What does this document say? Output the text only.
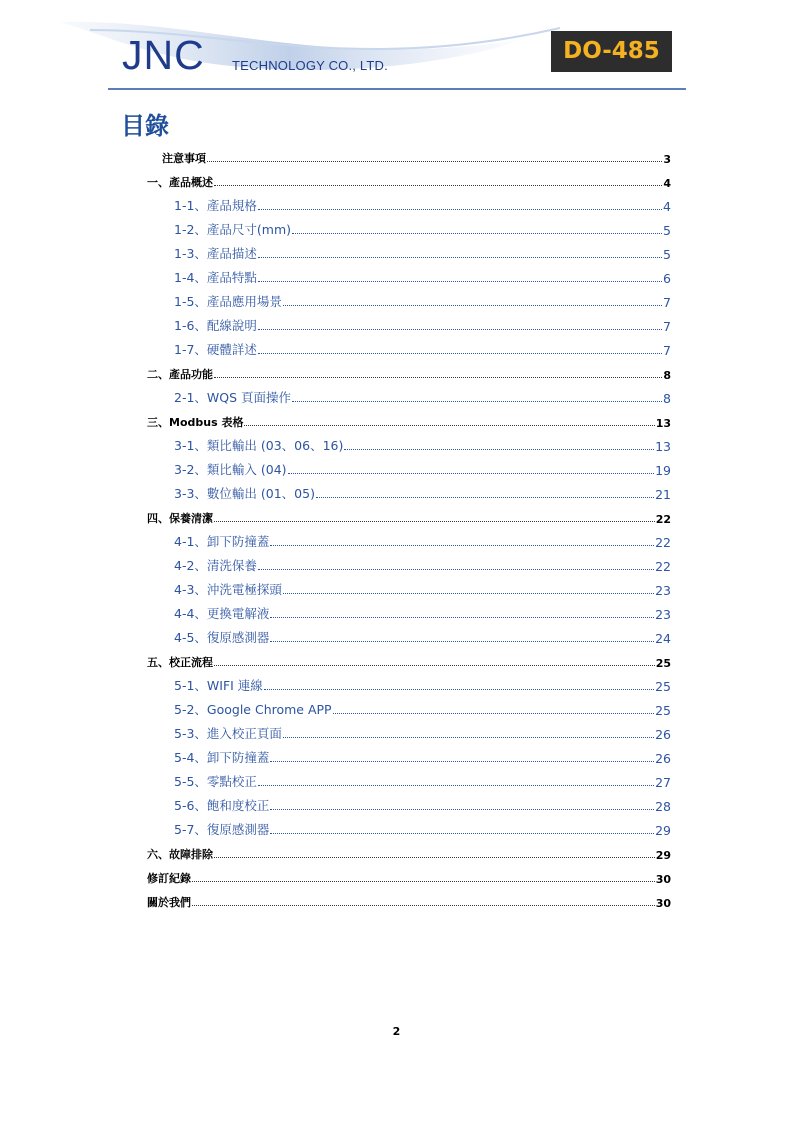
JNC TECHNOLOGY CO., LTD.
DO-485
目錄
注意事項	3
一、產品概述	4
1-1、產品規格	4
1-2、產品尺寸(mm)	5
1-3、產品描述	5
1-4、產品特點	6
1-5、產品應用場景	7
1-6、配線說明	7
1-7、硬體詳述	7
二、產品功能	8
2-1、WQS 頁面操作	8
三、Modbus 表格	13
3-1、類比輸出 (03、06、16)	13
3-2、類比輸入 (04)	19
3-3、數位輸出 (01、05)	21
四、保養清潔	22
4-1、卸下防撞蓋	22
4-2、清洗保養	22
4-3、沖洗電極探頭	23
4-4、更換電解液	23
4-5、復原感測器	24
五、校正流程	25
5-1、WIFI 連線	25
5-2、Google Chrome APP	25
5-3、進入校正頁面	26
5-4、卸下防撞蓋	26
5-5、零點校正	27
5-6、飽和度校正	28
5-7、復原感測器	29
六、故障排除	29
修訂紀錄	30
關於我們	30
2
